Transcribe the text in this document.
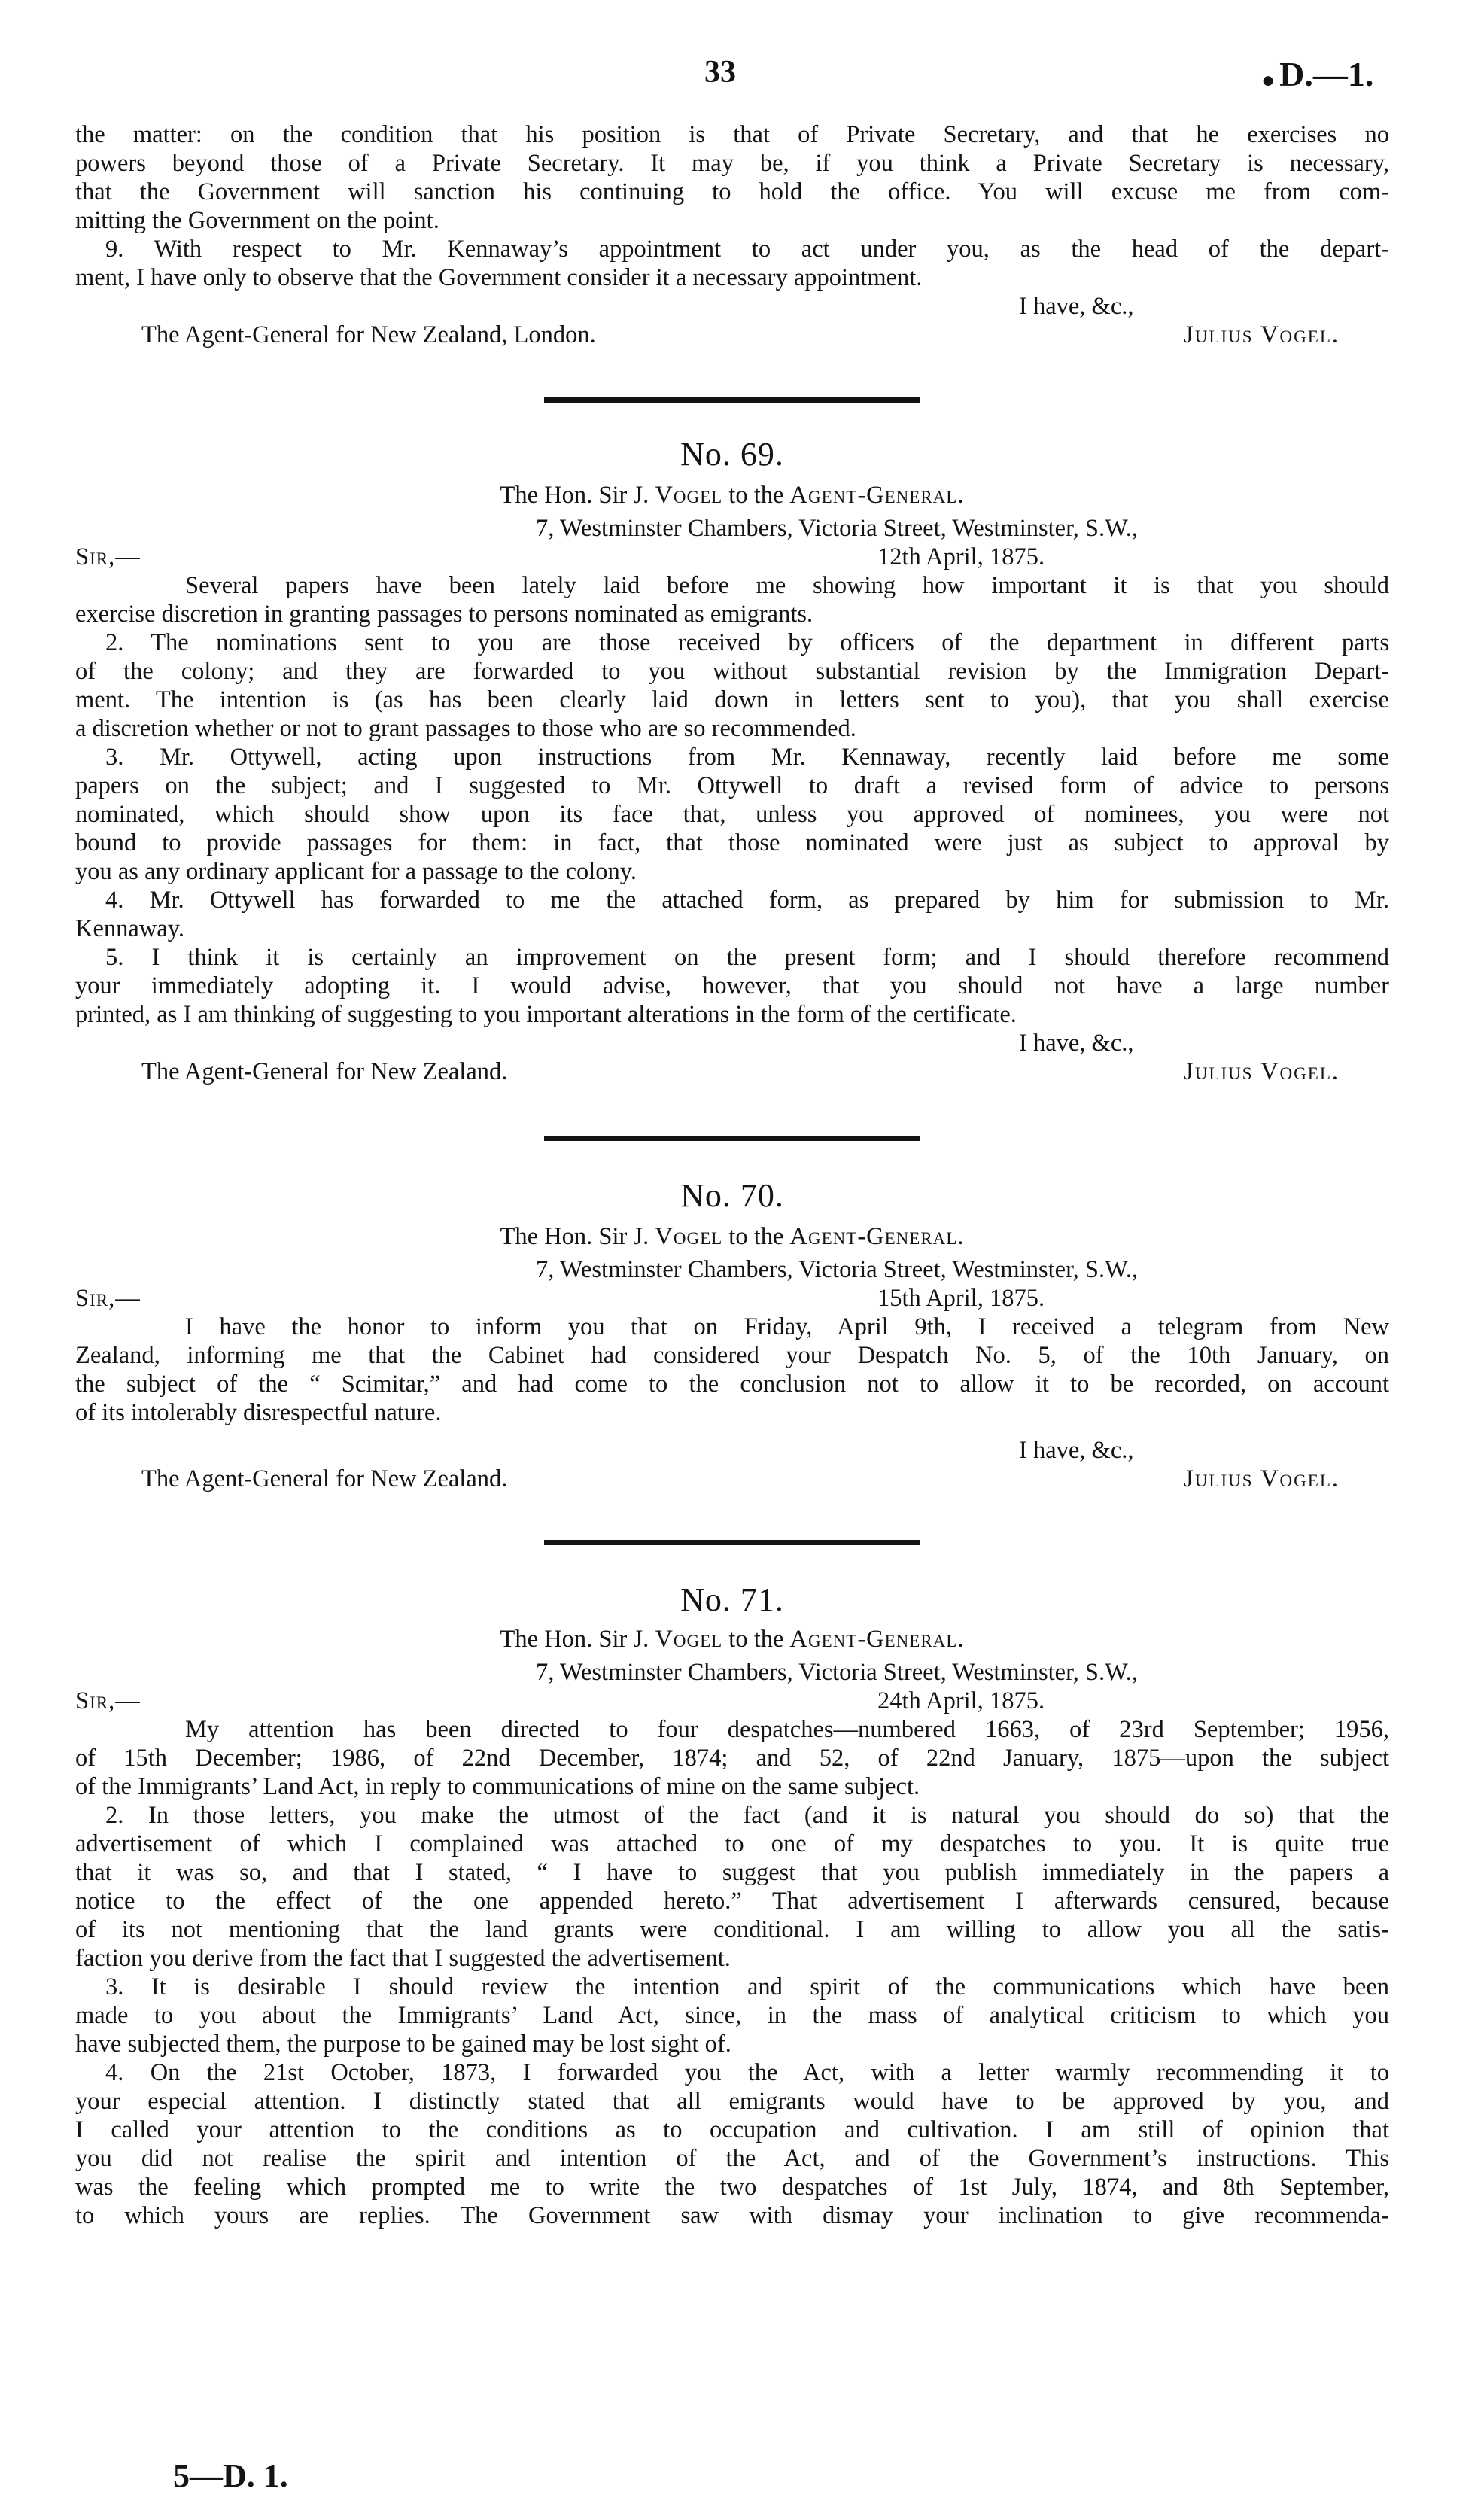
33	● D.—1.

the matter: on the condition that his position is that of Private Secretary, and that he exercises no

powers beyond those of a Private Secretary. It may be, if you think a Private Secretary is necessary,

that the Government will sanction his continuing to hold the office. You will excuse me from com-

mitting the Government on the point.

9. With respect to Mr. Kennaway’s appointment to act under you, as the head of the depart-

ment, I have only to observe that the Government consider it a necessary appointment.

I have, &c.,

The Agent-General for New Zealand, London.	Julius Vogel.

No. 69.

The Hon. Sir J. Vogel to the Agent-General.

7, Westminster Chambers, Victoria Street, Westminster, S.W.,

Sir,—	12th April, 1875.

Several papers have been lately laid before me showing how important it is that you should

exercise discretion in granting passages to persons nominated as emigrants.

2. The nominations sent to you are those received by officers of the department in different parts

of the colony; and they are forwarded to you without substantial revision by the Immigration Depart-

ment. The intention is (as has been clearly laid down in letters sent to you), that you shall exercise

a discretion whether or not to grant passages to those who are so recommended.

3. Mr. Ottywell, acting upon instructions from Mr. Kennaway, recently laid before me some

papers on the subject; and I suggested to Mr. Ottywell to draft a revised form of advice to persons

nominated, which should show upon its face that, unless you approved of nominees, you were not

bound to provide passages for them: in fact, that those nominated were just as subject to approval by

you as any ordinary applicant for a passage to the colony.

4. Mr. Ottywell has forwarded to me the attached form, as prepared by him for submission to Mr.

Kennaway.

5. I think it is certainly an improvement on the present form; and I should therefore recommend

your immediately adopting it. I would advise, however, that you should not have a large number

printed, as I am thinking of suggesting to you important alterations in the form of the certificate.

I have, &c.,

The Agent-General for New Zealand.	Julius Vogel.

No. 70.

The Hon. Sir J. Vogel to the Agent-General.

7, Westminster Chambers, Victoria Street, Westminster, S.W.,

Sir,—	15th April, 1875.

I have the honor to inform you that on Friday, April 9th, I received a telegram from New

Zealand, informing me that the Cabinet had considered your Despatch No. 5, of the 10th January, on

the subject of the “ Scimitar,” and had come to the conclusion not to allow it to be recorded, on account

of its intolerably disrespectful nature.

I have, &c.,

The Agent-General for New Zealand.	Julius Vogel.

No. 71.

The Hon. Sir J. Vogel to the Agent-General.

7, Westminster Chambers, Victoria Street, Westminster, S.W.,

Sir,—	24th April, 1875.

My attention has been directed to four despatches—numbered 1663, of 23rd September; 1956,

of 15th December; 1986, of 22nd December, 1874; and 52, of 22nd January, 1875—upon the subject

of the Immigrants’ Land Act, in reply to communications of mine on the same subject.

2. In those letters, you make the utmost of the fact (and it is natural you should do so) that the

advertisement of which I complained was attached to one of my despatches to you. It is quite true

that it was so, and that I stated, “ I have to suggest that you publish immediately in the papers a

notice to the effect of the one appended hereto.” That advertisement I afterwards censured, because

of its not mentioning that the land grants were conditional. I am willing to allow you all the satis-

faction you derive from the fact that I suggested the advertisement.

3. It is desirable I should review the intention and spirit of the communications which have been

made to you about the Immigrants’ Land Act, since, in the mass of analytical criticism to which you

have subjected them, the purpose to be gained may be lost sight of.

4. On the 21st October, 1873, I forwarded you the Act, with a letter warmly recommending it to

your especial attention. I distinctly stated that all emigrants would have to be approved by you, and

I called your attention to the conditions as to occupation and cultivation. I am still of opinion that

you did not realise the spirit and intention of the Act, and of the Government’s instructions. This

was the feeling which prompted me to write the two despatches of 1st July, 1874, and 8th September,

to which yours are replies. The Government saw with dismay your inclination to give recommenda-

5—D. 1.
